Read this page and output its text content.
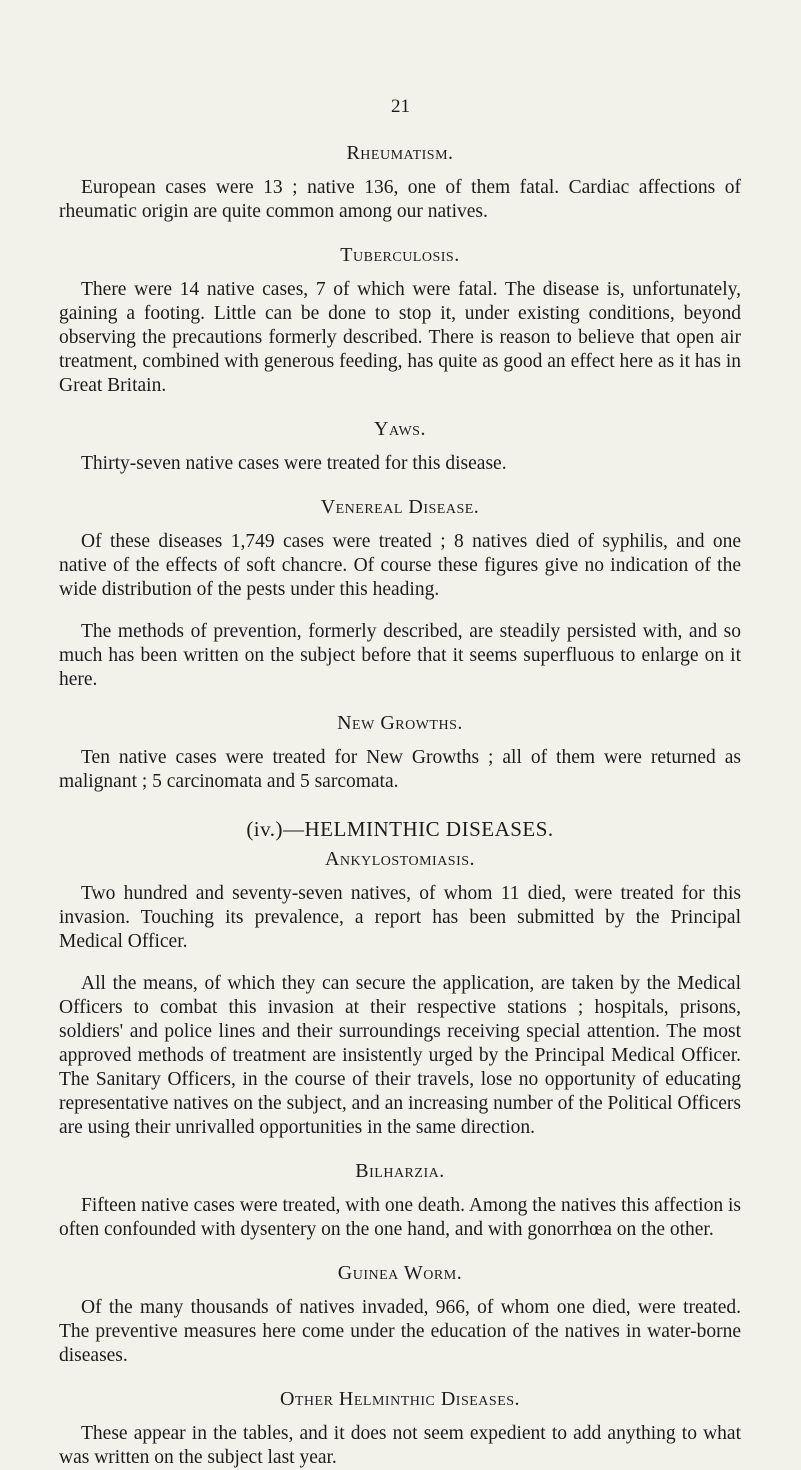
21
Rheumatism.

European cases were 13 ; native 136, one of them fatal. Cardiac affections of rheumatic origin are quite common among our natives.

Tuberculosis.

There were 14 native cases, 7 of which were fatal. The disease is, unfortunately, gaining a footing. Little can be done to stop it, under existing conditions, beyond observing the precautions formerly described. There is reason to believe that open air treatment, combined with generous feeding, has quite as good an effect here as it has in Great Britain.

Yaws.

Thirty-seven native cases were treated for this disease.

Venereal Disease.

Of these diseases 1,749 cases were treated ; 8 natives died of syphilis, and one native of the effects of soft chancre. Of course these figures give no indication of the wide distribution of the pests under this heading.

The methods of prevention, formerly described, are steadily persisted with, and so much has been written on the subject before that it seems superfluous to enlarge on it here.

New Growths.

Ten native cases were treated for New Growths ; all of them were returned as malignant ; 5 carcinomata and 5 sarcomata.

(iv.)—HELMINTHIC DISEASES.
Ankylostomiasis.

Two hundred and seventy-seven natives, of whom 11 died, were treated for this invasion. Touching its prevalence, a report has been submitted by the Principal Medical Officer.

All the means, of which they can secure the application, are taken by the Medical Officers to combat this invasion at their respective stations ; hospitals, prisons, soldiers' and police lines and their surroundings receiving special attention. The most approved methods of treatment are insistently urged by the Principal Medical Officer. The Sanitary Officers, in the course of their travels, lose no opportunity of educating representative natives on the subject, and an increasing number of the Political Officers are using their unrivalled opportunities in the same direction.

Bilharzia.

Fifteen native cases were treated, with one death. Among the natives this affection is often confounded with dysentery on the one hand, and with gonorrhœa on the other.

Guinea Worm.

Of the many thousands of natives invaded, 966, of whom one died, were treated. The preventive measures here come under the education of the natives in water-borne diseases.

Other Helminthic Diseases.

These appear in the tables, and it does not seem expedient to add anything to what was written on the subject last year.
